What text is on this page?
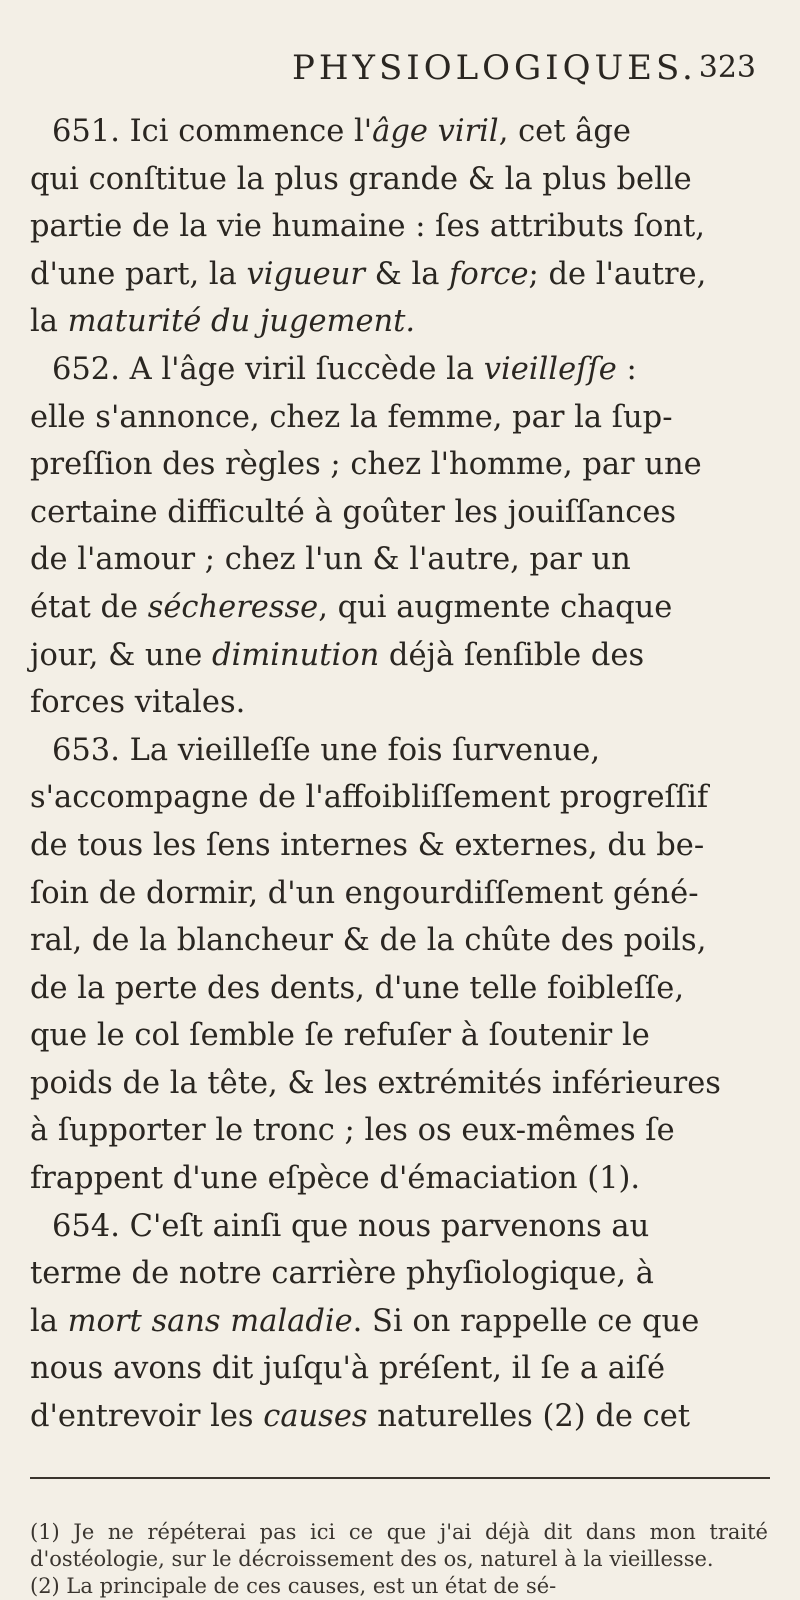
PHYSIOLOGIQUES. 323

651. Ici commence l'âge viril, cet âge

qui conſtitue la plus grande & la plus belle

partie de la vie humaine : ſes attributs ſont,

d'une part, la vigueur & la force; de l'autre,

la maturité du jugement.

652. A l'âge viril ſuccède la vieilleſſe :

elle s'annonce, chez la femme, par la ſup-

preſſion des règles ; chez l'homme, par une

certaine difficulté à goûter les jouiſſances

de l'amour ; chez l'un & l'autre, par un

état de sécheresse, qui augmente chaque

jour, & une diminution déjà ſenſible des

forces vitales.

653. La vieilleſſe une fois ſurvenue,

s'accompagne de l'affoibliſſement progreſſif

de tous les ſens internes & externes, du be-

ſoin de dormir, d'un engourdiſſement géné-

ral, de la blancheur & de la chûte des poils,

de la perte des dents, d'une telle foibleſſe,

que le col ſemble ſe refuſer à ſoutenir le

poids de la tête, & les extrémités inférieures

à ſupporter le tronc ; les os eux-mêmes ſe

frappent d'une eſpèce d'émaciation (1).

654. C'eſt ainſi que nous parvenons au

terme de notre carrière phyſiologique, à

la mort sans maladie. Si on rappelle ce que

nous avons dit juſqu'à préſent, il ſe a aiſé

d'entrevoir les causes naturelles (2) de cet

(1) Je ne répéterai pas ici ce que j'ai déjà dit dans mon traité d'ostéologie, sur le décroissement des os, naturel à la vieillesse.

(2) La principale de ces causes, est un état de sé-
